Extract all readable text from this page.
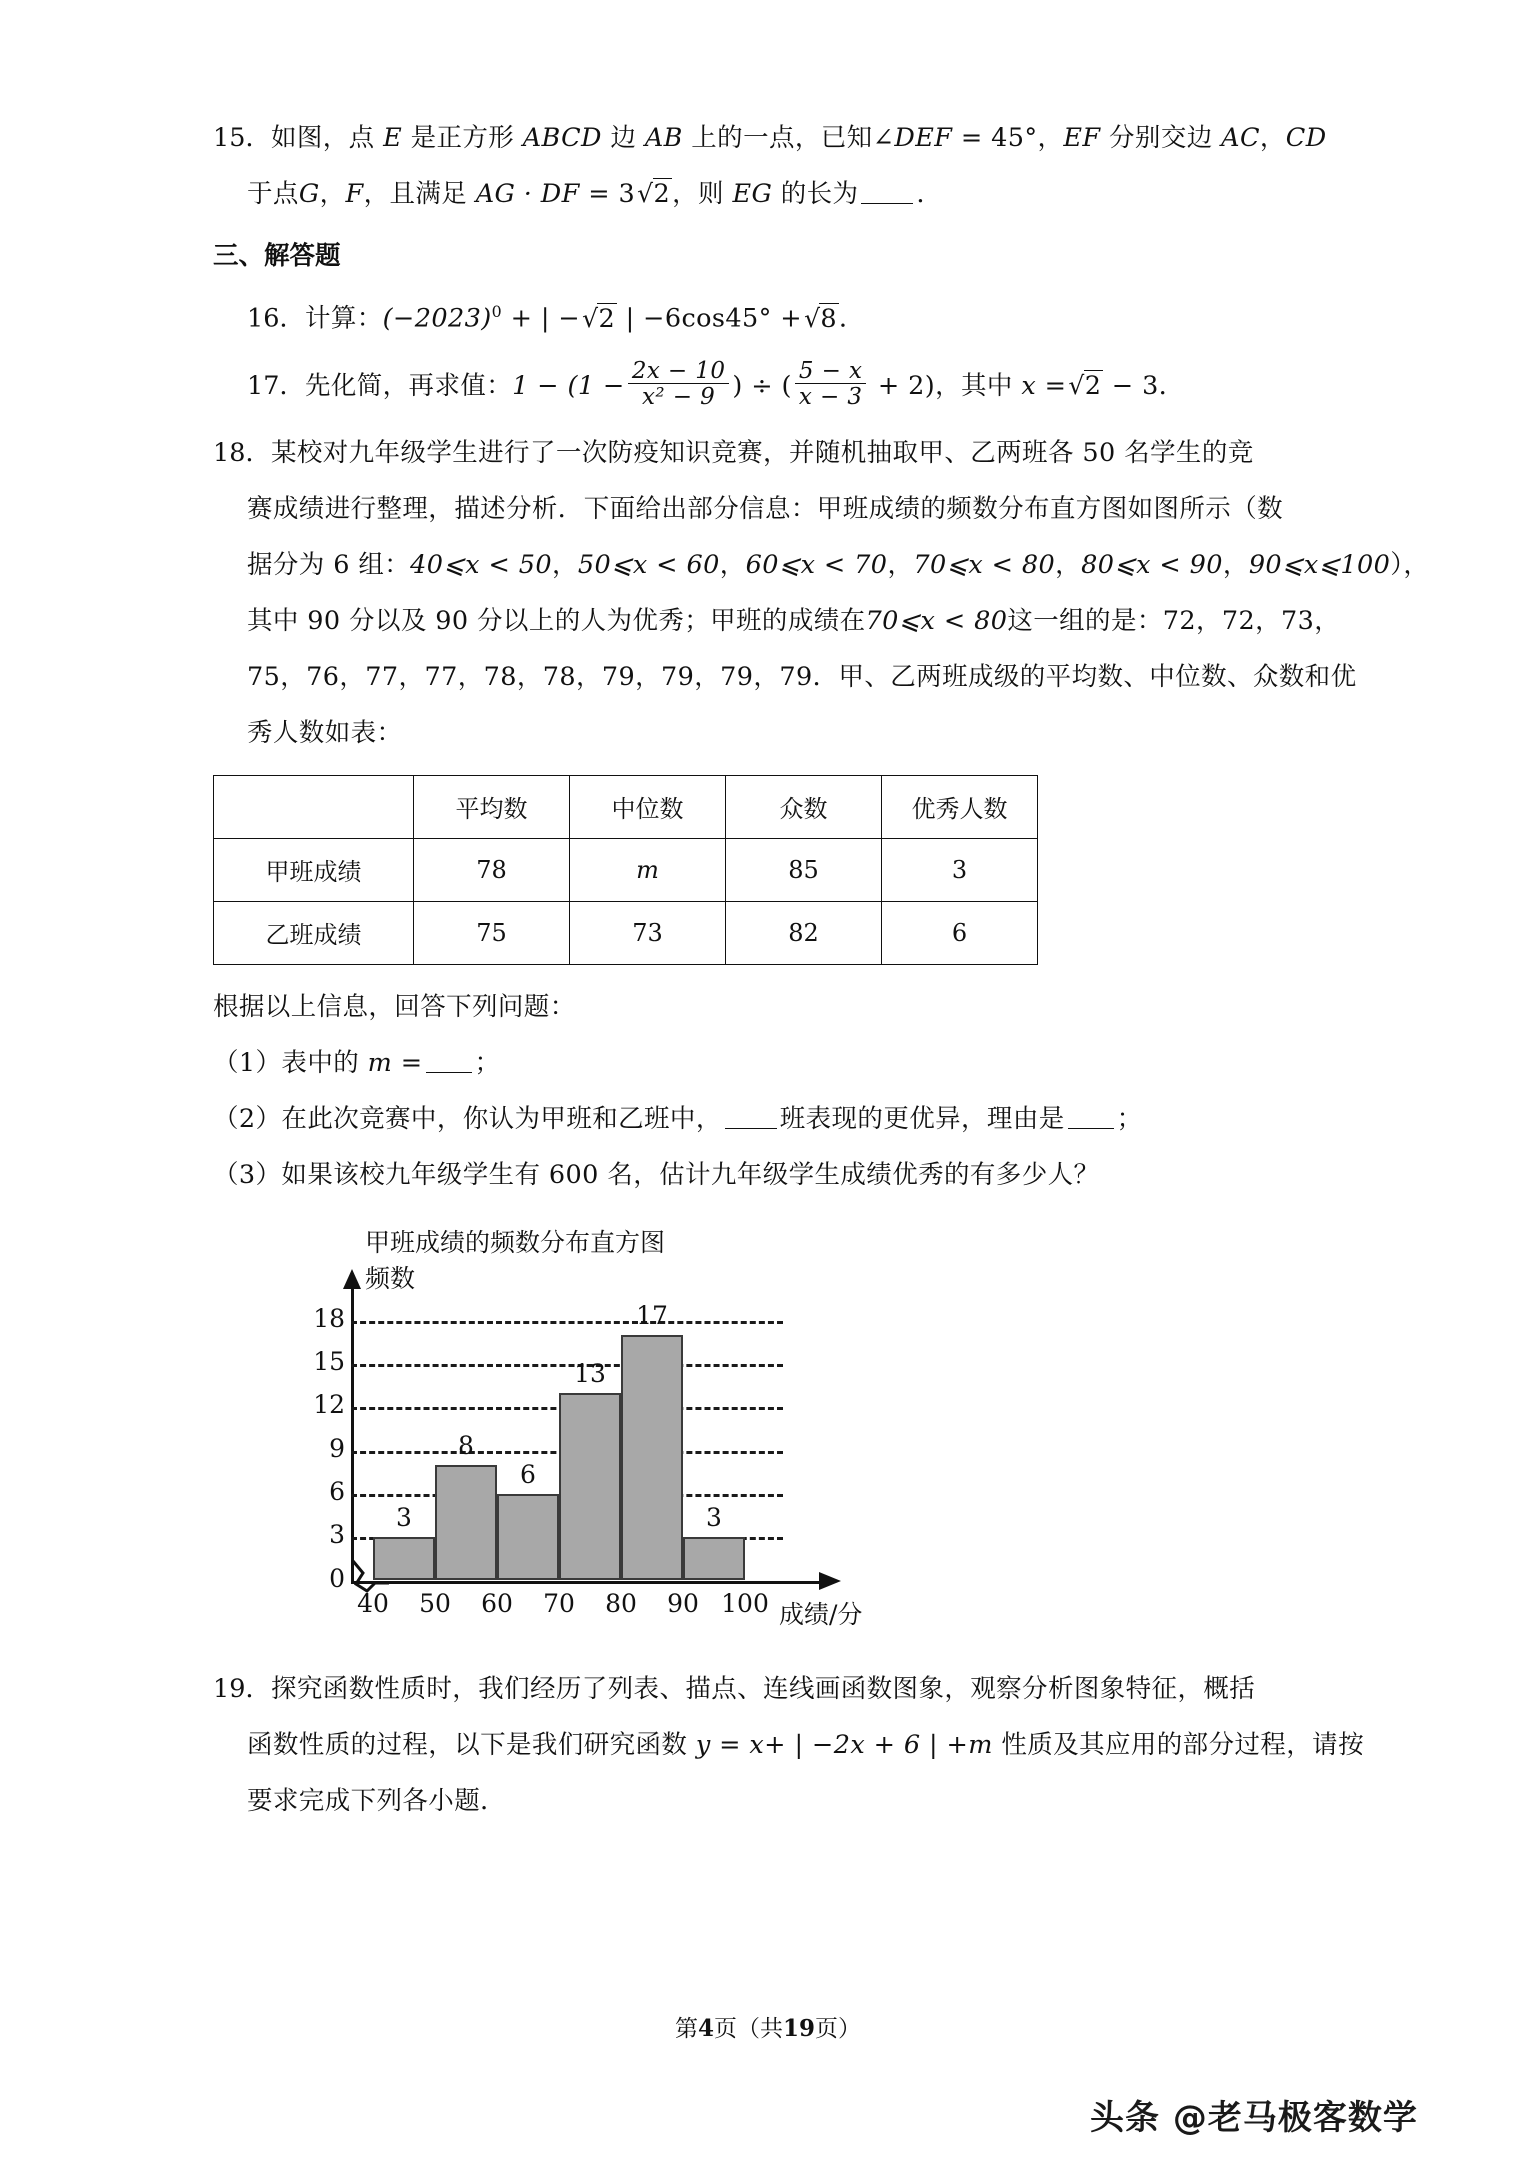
15．如图，点 E 是正方形 ABCD 边 AB 上的一点，已知∠DEF = 45°，EF 分别交边 AC，CD
于点G，F，且满足 AG · DF = 3√2，则 EG 的长为 ．
三、解答题
16．计算：$(-2023)^0$ + | −√2 | −6cos45° +√8．
17．先化简，再求值：$1 - (1 - \frac{2x - 10}{\text{x² − 9}}$ ) ÷ ( $\frac{5 - x}{x - 3} + 2$)，其中 x =√2 − 3．
18．某校对九年级学生进行了一次防疫知识竞赛，并随机抽取甲、乙两班各 50 名学生的竞
赛成绩进行整理，描述分析．下面给出部分信息：甲班成绩的频数分布直方图如图所示（数
据分为 6 组：40⩽x < 50，50⩽x < 60，60⩽x < 70，70⩽x < 80，80⩽x < 90，90⩽x⩽100），
其中 90 分以及 90 分以上的人为优秀；甲班的成绩在70⩽x < 80这一组的是：72，72，73，
75，76，77，77，78，78，79，79，79，79．甲、乙两班成级的平均数、中位数、众数和优
秀人数如表：
	平均数	中位数	众数	优秀人数
甲班成绩	78	m	85	3
乙班成绩	75	73	82	6
根据以上信息，回答下列问题：
（1）表中的 m = ；
（2）在此次竞赛中，你认为甲班和乙班中， 班表现的更优异，理由是 ；
（3）如果该校九年级学生有 600 名，估计九年级学生成绩优秀的有多少人？
甲班成绩的频数分布直方图
频数
0
3
6
9
12
15
18
3
8
6
13
17
3
40	50	60	70	80	90 100 成绩/分
19．探究函数性质时，我们经历了列表、描点、连线画函数图象，观察分析图象特征，概括
函数性质的过程，以下是我们研究函数 y = x+ | −2x + 6 | +m 性质及其应用的部分过程，请按
要求完成下列各小题．
第4页（共19页）
头条 @老马极客数学
